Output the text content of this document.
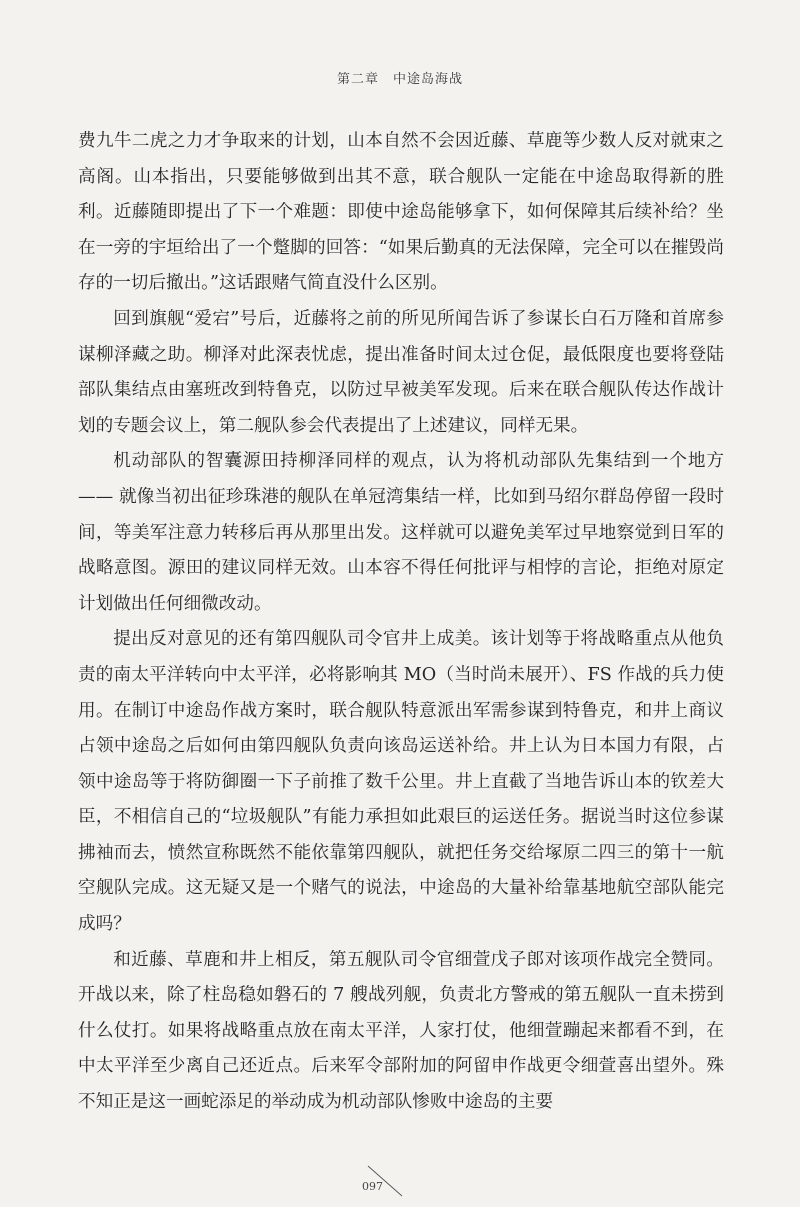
第二章　中途岛海战

费九牛二虎之力才争取来的计划，山本自然不会因近藤、草鹿等少数人反对就束之高阁。山本指出，只要能够做到出其不意，联合舰队一定能在中途岛取得新的胜利。近藤随即提出了下一个难题：即使中途岛能够拿下，如何保障其后续补给？坐在一旁的宇垣给出了一个蹩脚的回答：“如果后勤真的无法保障，完全可以在摧毁尚存的一切后撤出。”这话跟赌气简直没什么区别。

回到旗舰“爱宕”号后，近藤将之前的所见所闻告诉了参谋长白石万隆和首席参谋柳泽藏之助。柳泽对此深表忧虑，提出准备时间太过仓促，最低限度也要将登陆部队集结点由塞班改到特鲁克，以防过早被美军发现。后来在联合舰队传达作战计划的专题会议上，第二舰队参会代表提出了上述建议，同样无果。

机动部队的智囊源田持柳泽同样的观点，认为将机动部队先集结到一个地方—— 就像当初出征珍珠港的舰队在单冠湾集结一样，比如到马绍尔群岛停留一段时间，等美军注意力转移后再从那里出发。这样就可以避免美军过早地察觉到日军的战略意图。源田的建议同样无效。山本容不得任何批评与相悖的言论，拒绝对原定计划做出任何细微改动。

提出反对意见的还有第四舰队司令官井上成美。该计划等于将战略重点从他负责的南太平洋转向中太平洋，必将影响其 MO（当时尚未展开）、FS 作战的兵力使用。在制订中途岛作战方案时，联合舰队特意派出军需参谋到特鲁克，和井上商议占领中途岛之后如何由第四舰队负责向该岛运送补给。井上认为日本国力有限，占领中途岛等于将防御圈一下子前推了数千公里。井上直截了当地告诉山本的钦差大臣，不相信自己的“垃圾舰队”有能力承担如此艰巨的运送任务。据说当时这位参谋拂袖而去，愤然宣称既然不能依靠第四舰队，就把任务交给塚原二四三的第十一航空舰队完成。这无疑又是一个赌气的说法，中途岛的大量补给靠基地航空部队能完成吗？

和近藤、草鹿和井上相反，第五舰队司令官细萱戊子郎对该项作战完全赞同。开战以来，除了柱岛稳如磐石的 7 艘战列舰，负责北方警戒的第五舰队一直未捞到什么仗打。如果将战略重点放在南太平洋，人家打仗，他细萱蹦起来都看不到，在中太平洋至少离自己还近点。后来军令部附加的阿留申作战更令细萱喜出望外。殊不知正是这一画蛇添足的举动成为机动部队惨败中途岛的主要

097
